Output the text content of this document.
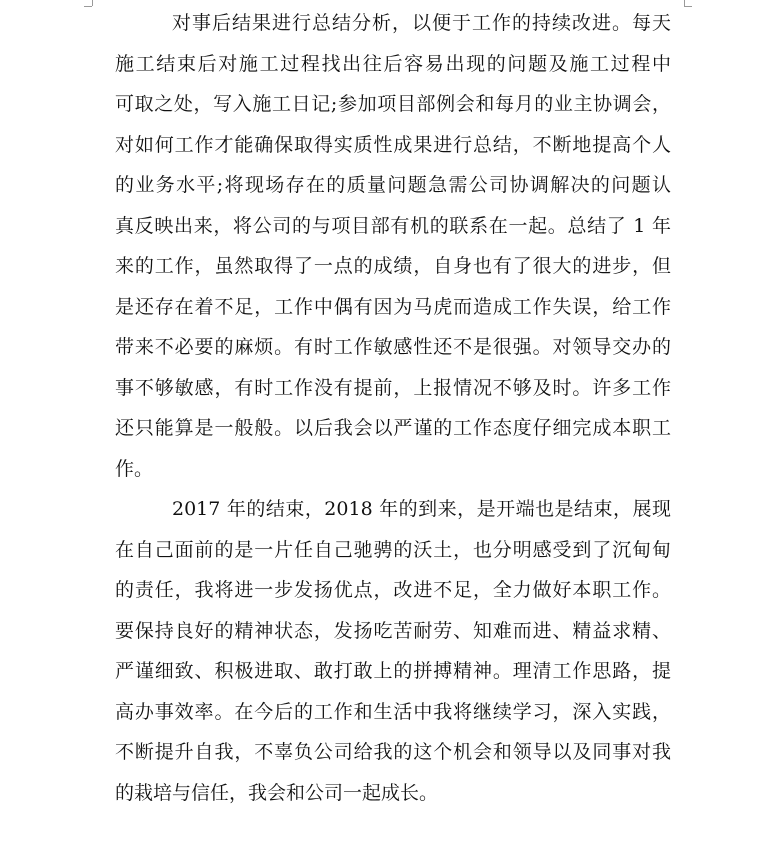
对事后结果进行总结分析，以便于工作的持续改进。每天
施工结束后对施工过程找出往后容易出现的问题及施工过程中
可取之处，写入施工日记;参加项目部例会和每月的业主协调会，
对如何工作才能确保取得实质性成果进行总结，不断地提高个人
的业务水平;将现场存在的质量问题急需公司协调解决的问题认
真反映出来，将公司的与项目部有机的联系在一起。总结了 1 年
来的工作，虽然取得了一点的成绩，自身也有了很大的进步，但
是还存在着不足，工作中偶有因为马虎而造成工作失误，给工作
带来不必要的麻烦。有时工作敏感性还不是很强。对领导交办的
事不够敏感，有时工作没有提前，上报情况不够及时。许多工作
还只能算是一般般。以后我会以严谨的工作态度仔细完成本职工
作。
2017 年的结束，2018 年的到来，是开端也是结束，展现
在自己面前的是一片任自己驰骋的沃土，也分明感受到了沉甸甸
的责任，我将进一步发扬优点，改进不足，全力做好本职工作。
要保持良好的精神状态，发扬吃苦耐劳、知难而进、精益求精、
严谨细致、积极进取、敢打敢上的拼搏精神。理清工作思路，提
高办事效率。在今后的工作和生活中我将继续学习，深入实践，
不断提升自我，不辜负公司给我的这个机会和领导以及同事对我
的栽培与信任，我会和公司一起成长。
